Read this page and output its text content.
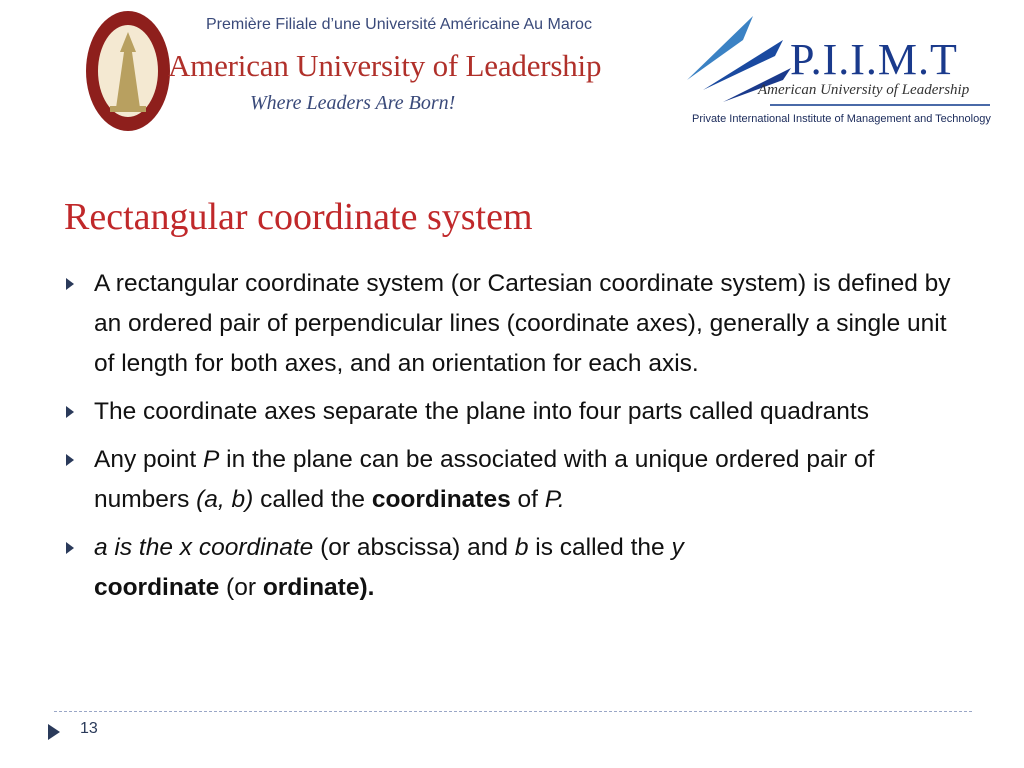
Première Filiale d’une Université Américaine Au Maroc
American University of Leadership
Where Leaders Are Born!
P.I.I.M.T
American University of Leadership
Private International Institute of Management and Technology
Rectangular coordinate system
A rectangular coordinate system (or Cartesian coordinate system) is defined by an ordered pair of perpendicular lines (coordinate axes), generally a single unit of length for both axes, and an orientation for each axis.
The coordinate axes separate the plane into four parts called quadrants
Any point P in the plane can be associated with a unique ordered pair of numbers (a, b) called the coordinates of P.
a is the x coordinate (or abscissa) and b is called the y
coordinate (or ordinate).
13
